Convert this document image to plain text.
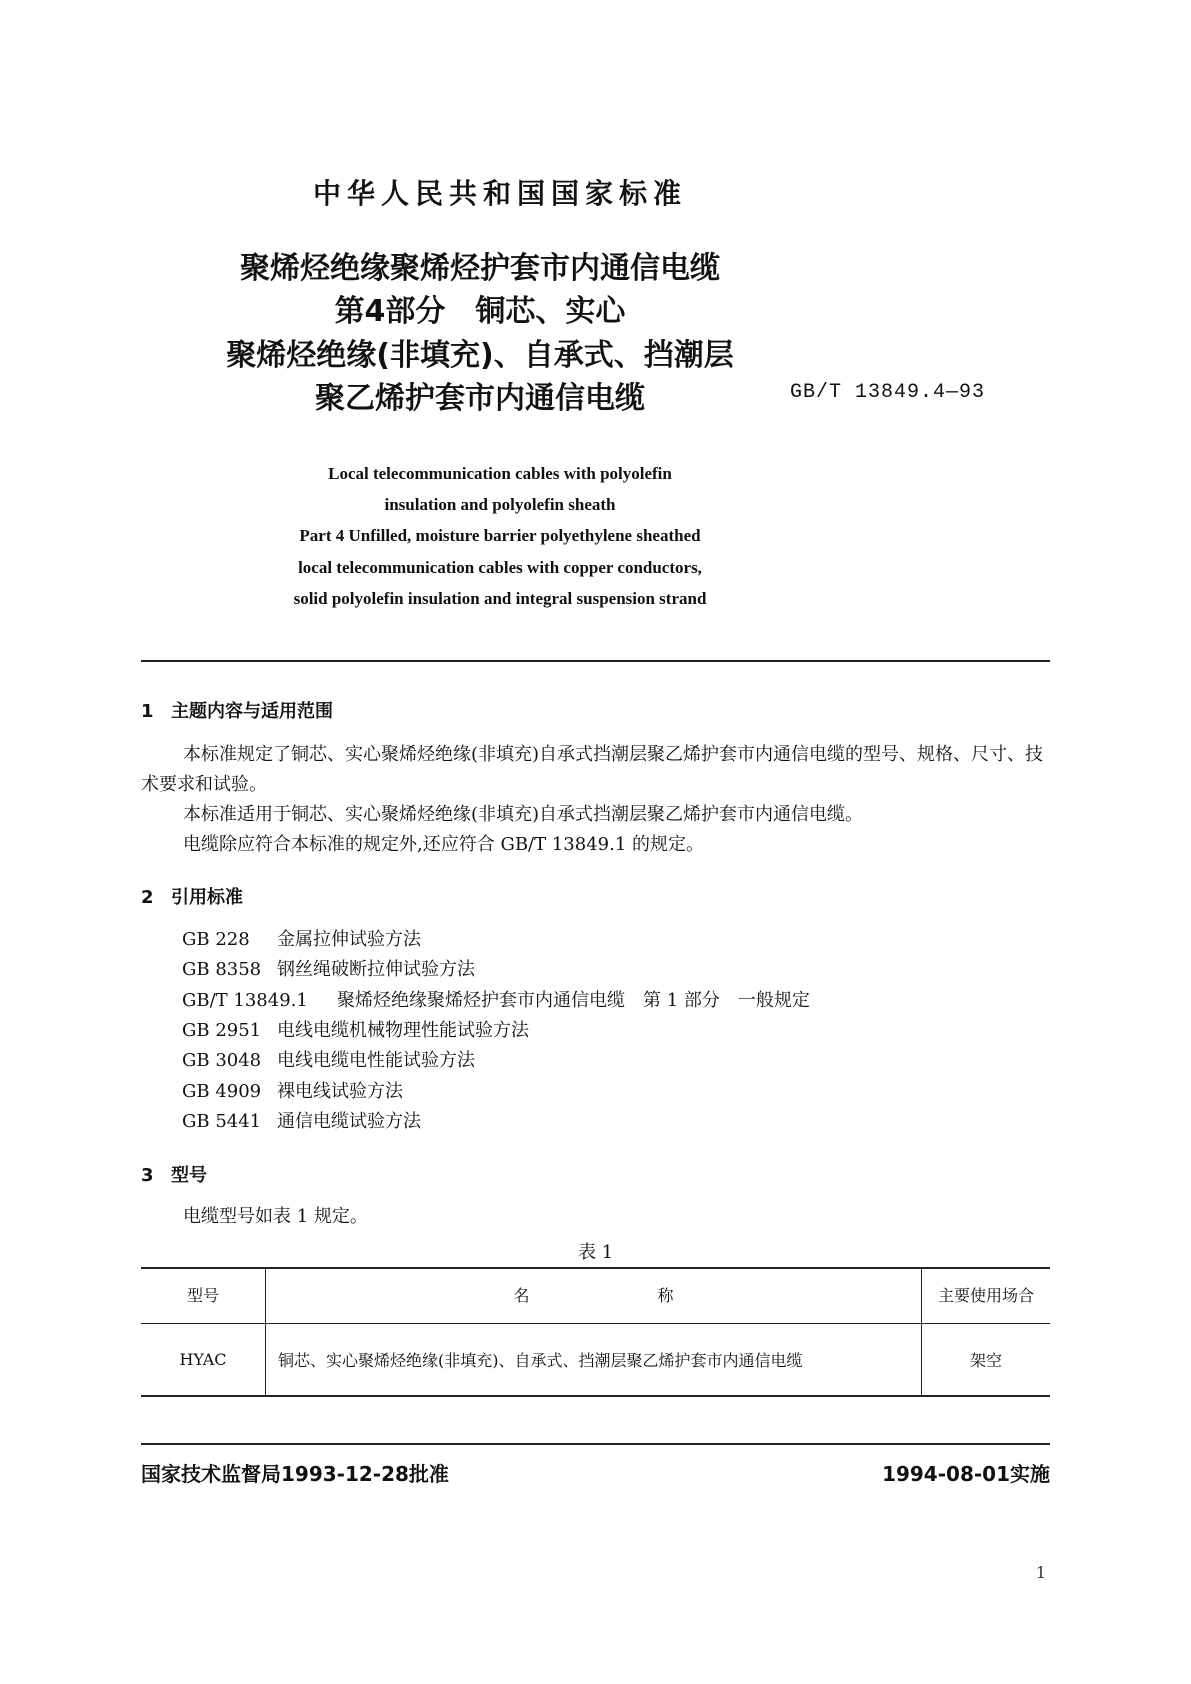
中华人民共和国国家标准
聚烯烃绝缘聚烯烃护套市内通信电缆
第4部分　铜芯、实心
聚烯烃绝缘(非填充)、自承式、挡潮层
聚乙烯护套市内通信电缆	GB/T 13849.4—93
Local telecommunication cables with polyolefin
insulation and polyolefin sheath
Part 4 Unfilled, moisture barrier polyethylene sheathed
local telecommunication cables with copper conductors,
solid polyolefin insulation and integral suspension strand
1 主题内容与适用范围
本标准规定了铜芯、实心聚烯烃绝缘(非填充)自承式挡潮层聚乙烯护套市内通信电缆的型号、规格、尺寸、技术要求和试验。
本标准适用于铜芯、实心聚烯烃绝缘(非填充)自承式挡潮层聚乙烯护套市内通信电缆。
电缆除应符合本标准的规定外,还应符合 GB/T 13849.1 的规定。
2 引用标准
GB 228 金属拉伸试验方法
GB 8358 钢丝绳破断拉伸试验方法
GB/T 13849.1 聚烯烃绝缘聚烯烃护套市内通信电缆　第 1 部分　一般规定
GB 2951 电线电缆机械物理性能试验方法
GB 3048 电线电缆电性能试验方法
GB 4909 裸电线试验方法
GB 5441 通信电缆试验方法
3 型号
电缆型号如表 1 规定。
表 1
型号	名　　　　　　　　称	主要使用场合
HYAC	铜芯、实心聚烯烃绝缘(非填充)、自承式、挡潮层聚乙烯护套市内通信电缆	架空
国家技术监督局1993-12-28批准	1994-08-01实施
1
